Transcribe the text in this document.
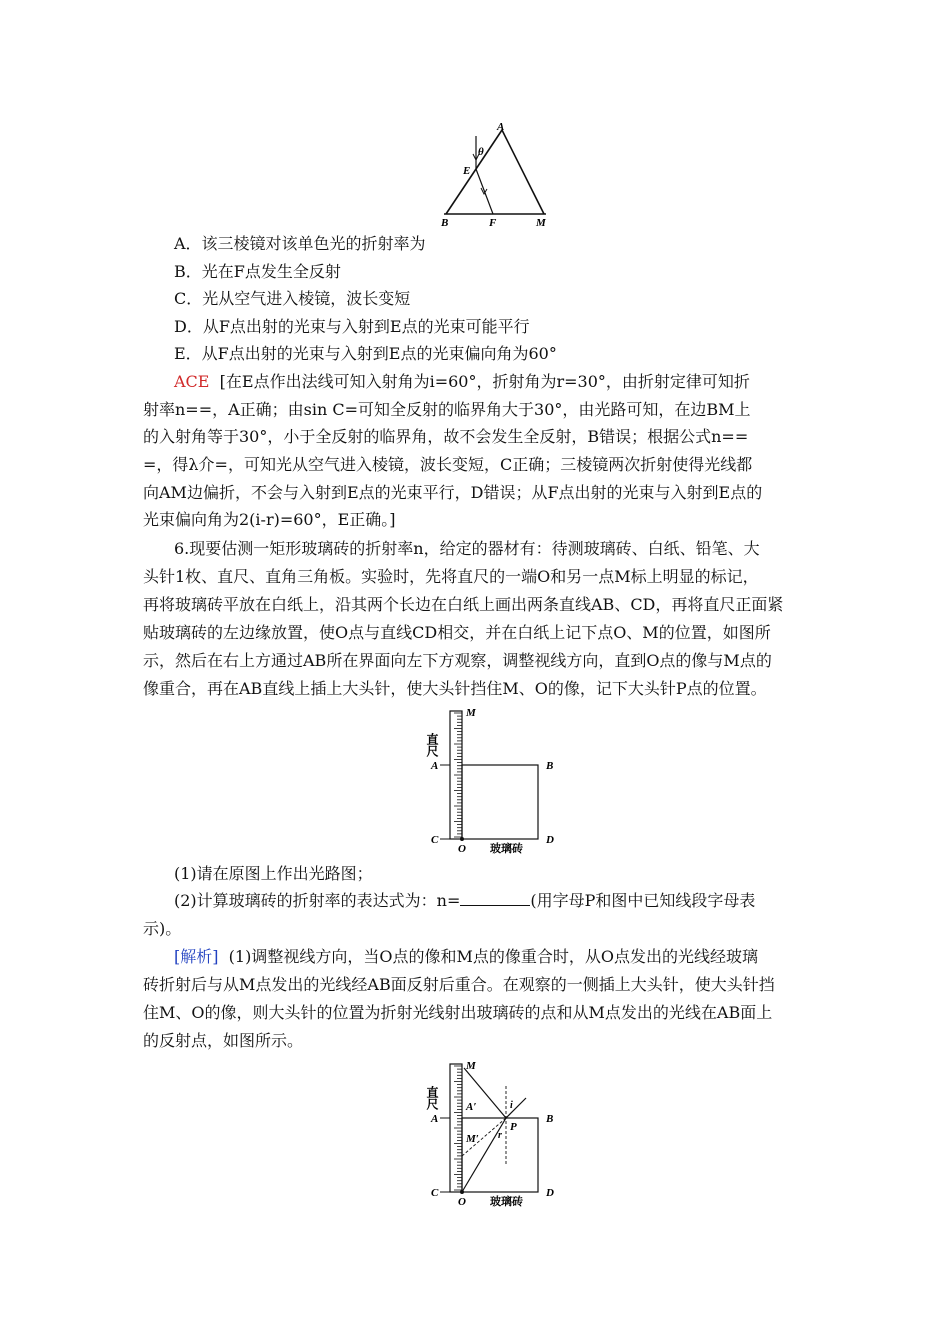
A
θ
E
B	F	M
A．该三棱镜对该单色光的折射率为
B．光在F点发生全反射
C．光从空气进入棱镜，波长变短
D．从F点出射的光束与入射到E点的光束可能平行
E．从F点出射的光束与入射到E点的光束偏向角为60°
ACE [在E点作出法线可知入射角为i=60°，折射角为r=30°，由折射定律可知折
射率n==，A正确；由sin C=可知全反射的临界角大于30°，由光路可知，在边BM上
的入射角等于30°，小于全反射的临界角，故不会发生全反射，B错误；根据公式n==
=，得λ介=，可知光从空气进入棱镜，波长变短，C正确；三棱镜两次折射使得光线都
向AM边偏折，不会与入射到E点的光束平行，D错误；从F点出射的光束与入射到E点的
光束偏向角为2(i-r)=60°，E正确。]
6.现要估测一矩形玻璃砖的折射率n，给定的器材有：待测玻璃砖、白纸、铅笔、大
头针1枚、直尺、直角三角板。实验时，先将直尺的一端O和另一点M标上明显的标记，
再将玻璃砖平放在白纸上，沿其两个长边在白纸上画出两条直线AB、CD，再将直尺正面紧
贴玻璃砖的左边缘放置，使O点与直线CD相交，并在白纸上记下点O、M的位置，如图所
示，然后在右上方通过AB所在界面向左下方观察，调整视线方向，直到O点的像与M点的
像重合，再在AB直线上插上大头针，使大头针挡住M、O的像，记下大头针P点的位置。
M
直尺
A	B
C	D
O 玻璃砖
(1)请在原图上作出光路图；
(2)计算玻璃砖的折射率的表达式为：n=	(用字母P和图中已知线段字母表
示)。
[解析] (1)调整视线方向，当O点的像和M点的像重合时，从O点发出的光线经玻璃
砖折射后与从M点发出的光线经AB面反射后重合。在观察的一侧插上大头针，使大头针挡
住M、O的像，则大头针的位置为折射光线射出玻璃砖的点和从M点发出的光线在AB面上
的反射点，如图所示。
M
直尺
A
A′	i
B
P
r
M′
C	D
O 玻璃砖
